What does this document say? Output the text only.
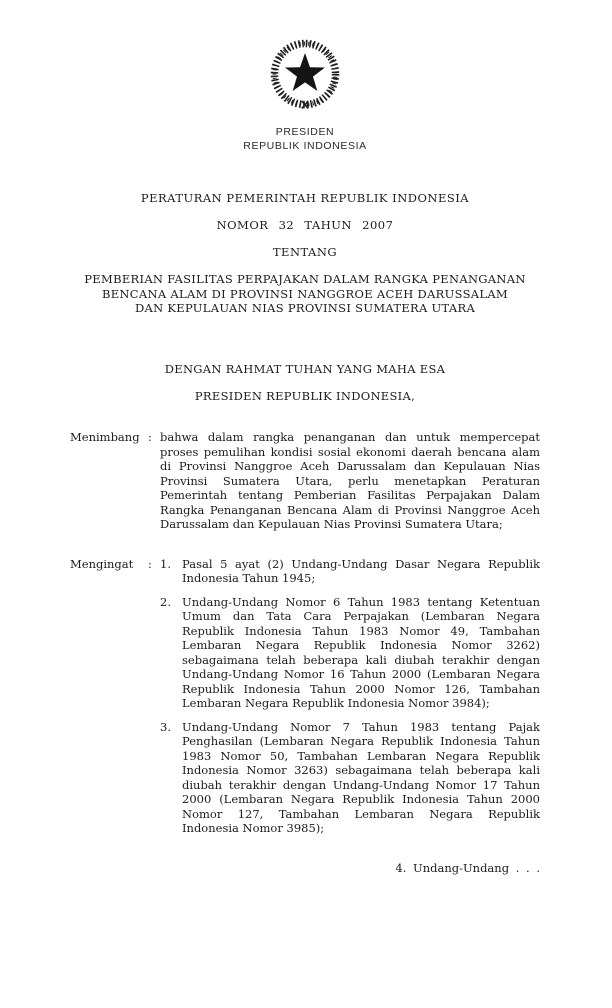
PRESIDEN
REPUBLIK INDONESIA
PERATURAN PEMERINTAH REPUBLIK INDONESIA
NOMOR 32 TAHUN 2007
TENTANG
PEMBERIAN FASILITAS PERPAJAKAN DALAM RANGKA PENANGANAN
BENCANA ALAM DI PROVINSI NANGGROE ACEH DARUSSALAM
DAN KEPULAUAN NIAS PROVINSI SUMATERA UTARA
DENGAN RAHMAT TUHAN YANG MAHA ESA
PRESIDEN REPUBLIK INDONESIA,
Menimbang : bahwa dalam rangka penanganan dan untuk mempercepat proses pemulihan kondisi sosial ekonomi daerah bencana alam di Provinsi Nanggroe Aceh Darussalam dan Kepulauan Nias Provinsi Sumatera Utara, perlu menetapkan Peraturan Pemerintah tentang Pemberian Fasilitas Perpajakan Dalam Rangka Penanganan Bencana Alam di Provinsi Nanggroe Aceh Darussalam dan Kepulauan Nias Provinsi Sumatera Utara;
Mengingat	: 1. Pasal 5 ayat (2) Undang-Undang Dasar Negara Republik Indonesia Tahun 1945;
2. Undang-Undang Nomor 6 Tahun 1983 tentang Ketentuan Umum dan Tata Cara Perpajakan (Lembaran Negara Republik Indonesia Tahun 1983 Nomor 49, Tambahan Lembaran Negara Republik Indonesia Nomor 3262) sebagaimana telah beberapa kali diubah terakhir dengan Undang-Undang Nomor 16 Tahun 2000 (Lembaran Negara Republik Indonesia Tahun 2000 Nomor 126, Tambahan Lembaran Negara Republik Indonesia Nomor 3984);
3. Undang-Undang Nomor 7 Tahun 1983 tentang Pajak Penghasilan (Lembaran Negara Republik Indonesia Tahun 1983 Nomor 50, Tambahan Lembaran Negara Republik Indonesia Nomor 3263) sebagaimana telah beberapa kali diubah terakhir dengan Undang-Undang Nomor 17 Tahun 2000 (Lembaran Negara Republik Indonesia Tahun 2000 Nomor 127, Tambahan Lembaran Negara Republik Indonesia Nomor 3985);
4. Undang-Undang . . .
